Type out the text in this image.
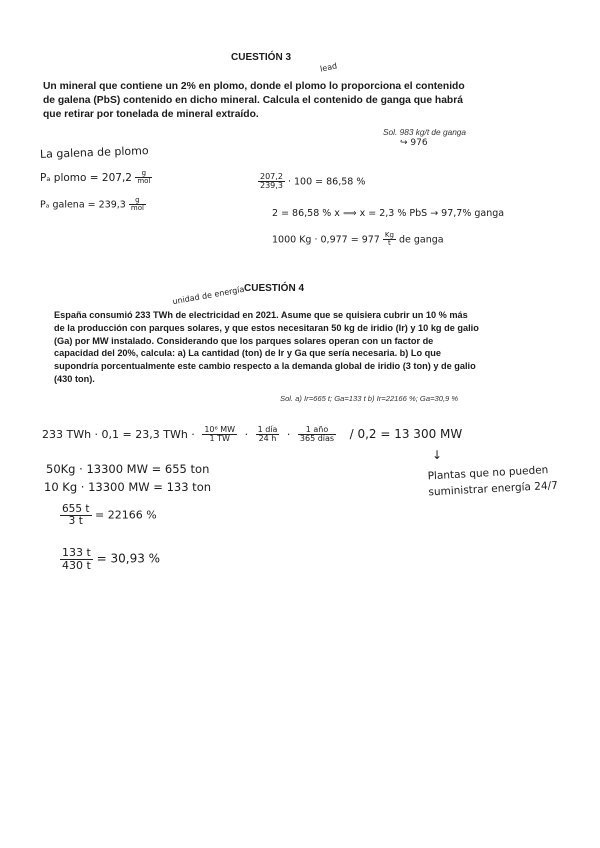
CUESTIÓN 3
lead
Un mineral que contiene un 2% en plomo, donde el plomo lo proporciona el contenido
de galena (PbS) contenido en dicho mineral. Calcula el contenido de ganga que habrá
que retirar por tonelada de mineral extraído.
Sol. 983 kg/t de ganga
↪ 976
La galena de plomo
Pₐ plomo = $207,2 \frac{g}{\text{mol}}$
Pₐ galena = $239,3 \frac{g}{\text{mol}}$
$\frac{207,2}{239,3} \cdot 100 = 86,58$ %
2 = 86,58 % x ⟹ x = 2,3 % PbS → 97,7% ganga
1000 $Kg \cdot 0,977 = 977 \frac{Kg}{t}$ de ganga
unidad de energía
CUESTIÓN 4
España consumió 233 TWh de electricidad en 2021. Asume que se quisiera cubrir un 10 % más
de la producción con parques solares, y que estos necesitaran 50 kg de iridio (Ir) y 10 kg de galio
(Ga) por MW instalado. Considerando que los parques solares operan con un factor de
capacidad del 20%, calcula: a) La cantidad (ton) de Ir y Ga que sería necesaria. b) Lo que
supondría porcentualmente este cambio respecto a la demanda global de iridio (3 ton) y de galio
(430 ton).
Sol. a) Ir=665 t; Ga=133 t b) Ir=22166 %; Ga=30,9 %
233 TWh · 0,1 = 23,3 TWh · $\frac{\text{10⁶ MW}}{1 TW} \cdot \frac{\text{1 día}}{24 h} \cdot \frac{\text{1 año}}{\text{365 días}} / 0,2 = 13$ 300 MW
↓
Plantas que no pueden
suministrar energía 24/7
50Kg · 13300 MW = 655 ton
10 Kg · 13300 MW = 133 ton
$\frac{655 t}{3 t} = 22166$ %
$\frac{133 t}{430 t} = 30,93$ %
